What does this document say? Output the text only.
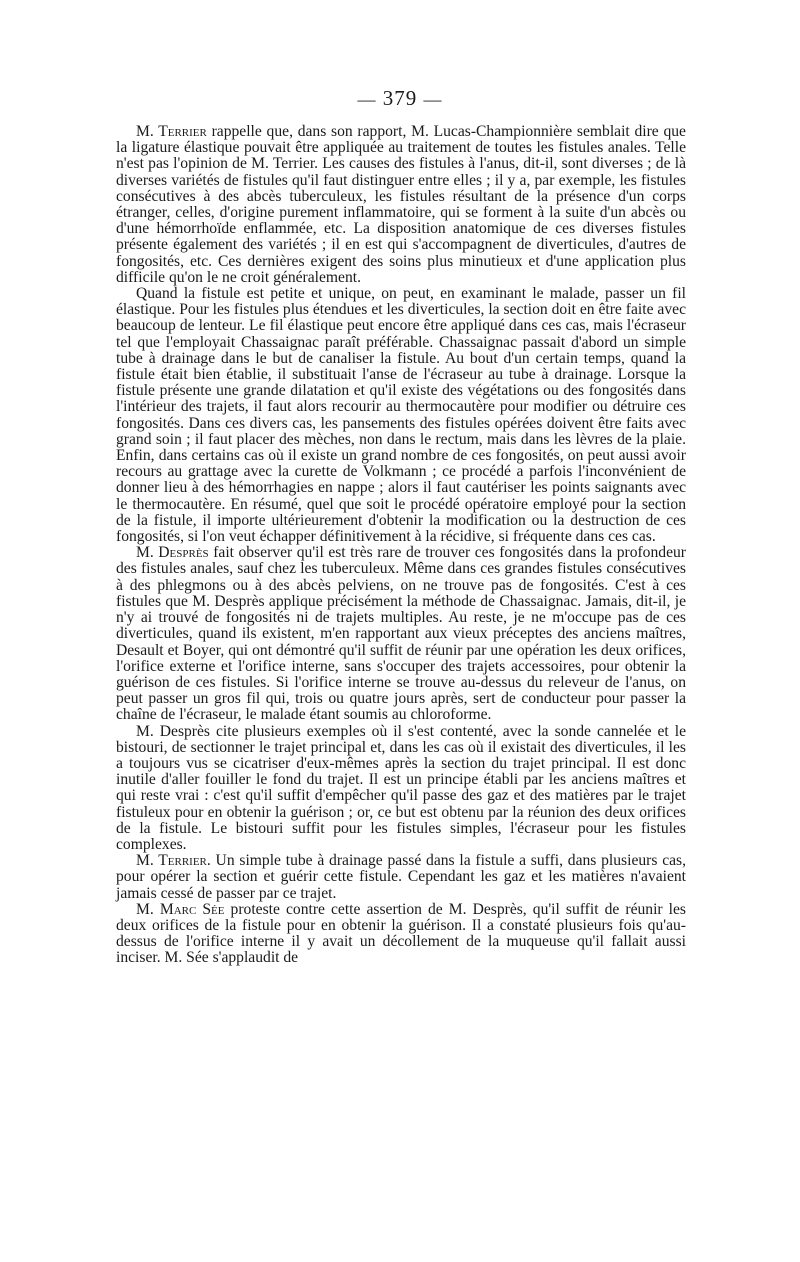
— 379 —

M. Terrier rappelle que, dans son rapport, M. Lucas-Championnière semblait dire que la ligature élastique pouvait être appliquée au traitement de toutes les fistules anales. Telle n'est pas l'opinion de M. Terrier. Les causes des fistules à l'anus, dit-il, sont diverses ; de là diverses variétés de fistules qu'il faut distinguer entre elles ; il y a, par exemple, les fistules consécutives à des abcès tuberculeux, les fistules résultant de la présence d'un corps étranger, celles, d'origine purement inflammatoire, qui se forment à la suite d'un abcès ou d'une hémorrhoïde enflammée, etc. La disposition anatomique de ces diverses fistules présente également des variétés ; il en est qui s'accompagnent de diverticules, d'autres de fongosités, etc. Ces dernières exigent des soins plus minutieux et d'une application plus difficile qu'on le ne croit généralement.

Quand la fistule est petite et unique, on peut, en examinant le malade, passer un fil élastique. Pour les fistules plus étendues et les diverticules, la section doit en être faite avec beaucoup de lenteur. Le fil élastique peut encore être appliqué dans ces cas, mais l'écraseur tel que l'employait Chassaignac paraît préférable. Chassaignac passait d'abord un simple tube à drainage dans le but de canaliser la fistule. Au bout d'un certain temps, quand la fistule était bien établie, il substituait l'anse de l'écraseur au tube à drainage. Lorsque la fistule présente une grande dilatation et qu'il existe des végétations ou des fongosités dans l'intérieur des trajets, il faut alors recourir au thermocautère pour modifier ou détruire ces fongosités. Dans ces divers cas, les pansements des fistules opérées doivent être faits avec grand soin ; il faut placer des mèches, non dans le rectum, mais dans les lèvres de la plaie. Enfin, dans certains cas où il existe un grand nombre de ces fongosités, on peut aussi avoir recours au grattage avec la curette de Volkmann ; ce procédé a parfois l'inconvénient de donner lieu à des hémorrhagies en nappe ; alors il faut cautériser les points saignants avec le thermocautère. En résumé, quel que soit le procédé opératoire employé pour la section de la fistule, il importe ultérieurement d'obtenir la modification ou la destruction de ces fongosités, si l'on veut échapper définitivement à la récidive, si fréquente dans ces cas.

M. Desprès fait observer qu'il est très rare de trouver ces fongosités dans la profondeur des fistules anales, sauf chez les tuberculeux. Même dans ces grandes fistules consécutives à des phlegmons ou à des abcès pelviens, on ne trouve pas de fongosités. C'est à ces fistules que M. Desprès applique précisément la méthode de Chassaignac. Jamais, dit-il, je n'y ai trouvé de fongosités ni de trajets multiples. Au reste, je ne m'occupe pas de ces diverticules, quand ils existent, m'en rapportant aux vieux préceptes des anciens maîtres, Desault et Boyer, qui ont démontré qu'il suffit de réunir par une opération les deux orifices, l'orifice externe et l'orifice interne, sans s'occuper des trajets accessoires, pour obtenir la guérison de ces fistules. Si l'orifice interne se trouve au-dessus du releveur de l'anus, on peut passer un gros fil qui, trois ou quatre jours après, sert de conducteur pour passer la chaîne de l'écraseur, le malade étant soumis au chloroforme.

M. Desprès cite plusieurs exemples où il s'est contenté, avec la sonde cannelée et le bistouri, de sectionner le trajet principal et, dans les cas où il existait des diverticules, il les a toujours vus se cicatriser d'eux-mêmes après la section du trajet principal. Il est donc inutile d'aller fouiller le fond du trajet. Il est un principe établi par les anciens maîtres et qui reste vrai : c'est qu'il suffit d'empêcher qu'il passe des gaz et des matières par le trajet fistuleux pour en obtenir la guérison ; or, ce but est obtenu par la réunion des deux orifices de la fistule. Le bistouri suffit pour les fistules simples, l'écraseur pour les fistules complexes.

M. Terrier. Un simple tube à drainage passé dans la fistule a suffi, dans plusieurs cas, pour opérer la section et guérir cette fistule. Cependant les gaz et les matières n'avaient jamais cessé de passer par ce trajet.

M. Marc Sée proteste contre cette assertion de M. Desprès, qu'il suffit de réunir les deux orifices de la fistule pour en obtenir la guérison. Il a constaté plusieurs fois qu'au-dessus de l'orifice interne il y avait un décollement de la muqueuse qu'il fallait aussi inciser. M. Sée s'applaudit de
